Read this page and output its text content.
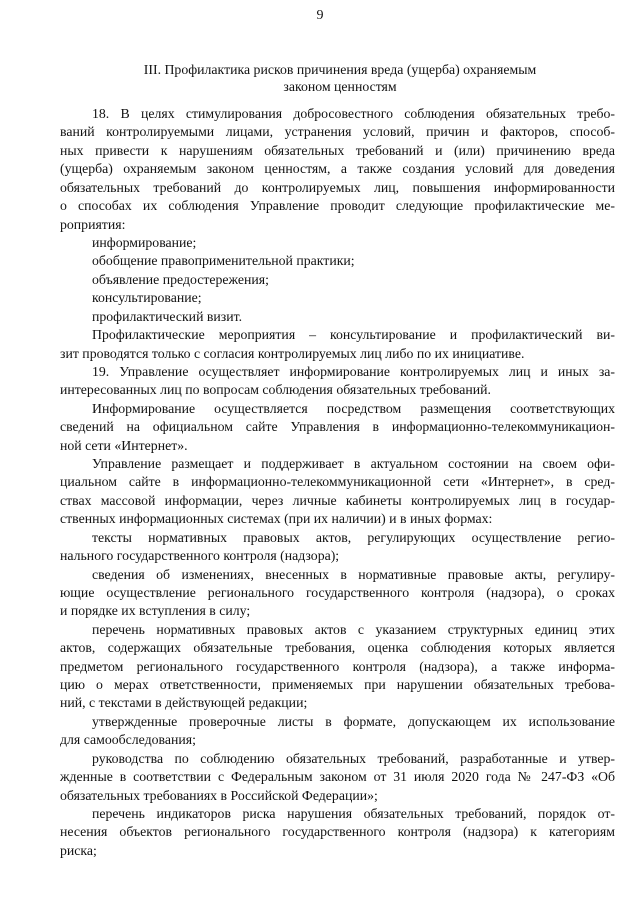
9
III. Профилактика рисков причинения вреда (ущерба) охраняемым
законом ценностям
18. В целях стимулирования добросовестного соблюдения обязательных требо-
ваний контролируемыми лицами, устранения условий, причин и факторов, способ-
ных привести к нарушениям обязательных требований и (или) причинению вреда
(ущерба) охраняемым законом ценностям, а также создания условий для доведения
обязательных требований до контролируемых лиц, повышения информированности
о способах их соблюдения Управление проводит следующие профилактические ме-
роприятия:
информирование;
обобщение правоприменительной практики;
объявление предостережения;
консультирование;
профилактический визит.
Профилактические мероприятия – консультирование и профилактический ви-
зит проводятся только с согласия контролируемых лиц либо по их инициативе.
19. Управление осуществляет информирование контролируемых лиц и иных за-
интересованных лиц по вопросам соблюдения обязательных требований.
Информирование осуществляется посредством размещения соответствующих
сведений на официальном сайте Управления в информационно-телекоммуникацион-
ной сети «Интернет».
Управление размещает и поддерживает в актуальном состоянии на своем офи-
циальном сайте в информационно-телекоммуникационной сети «Интернет», в сред-
ствах массовой информации, через личные кабинеты контролируемых лиц в государ-
ственных информационных системах (при их наличии) и в иных формах:
тексты нормативных правовых актов, регулирующих осуществление регио-
нального государственного контроля (надзора);
сведения об изменениях, внесенных в нормативные правовые акты, регулиру-
ющие осуществление регионального государственного контроля (надзора), о сроках
и порядке их вступления в силу;
перечень нормативных правовых актов с указанием структурных единиц этих
актов, содержащих обязательные требования, оценка соблюдения которых является
предметом регионального государственного контроля (надзора), а также информа-
цию о мерах ответственности, применяемых при нарушении обязательных требова-
ний, с текстами в действующей редакции;
утвержденные проверочные листы в формате, допускающем их использование
для самообследования;
руководства по соблюдению обязательных требований, разработанные и утвер-
жденные в соответствии с Федеральным законом от 31 июля 2020 года № 247-ФЗ «Об
обязательных требованиях в Российской Федерации»;
перечень индикаторов риска нарушения обязательных требований, порядок от-
несения объектов регионального государственного контроля (надзора) к категориям
риска;
